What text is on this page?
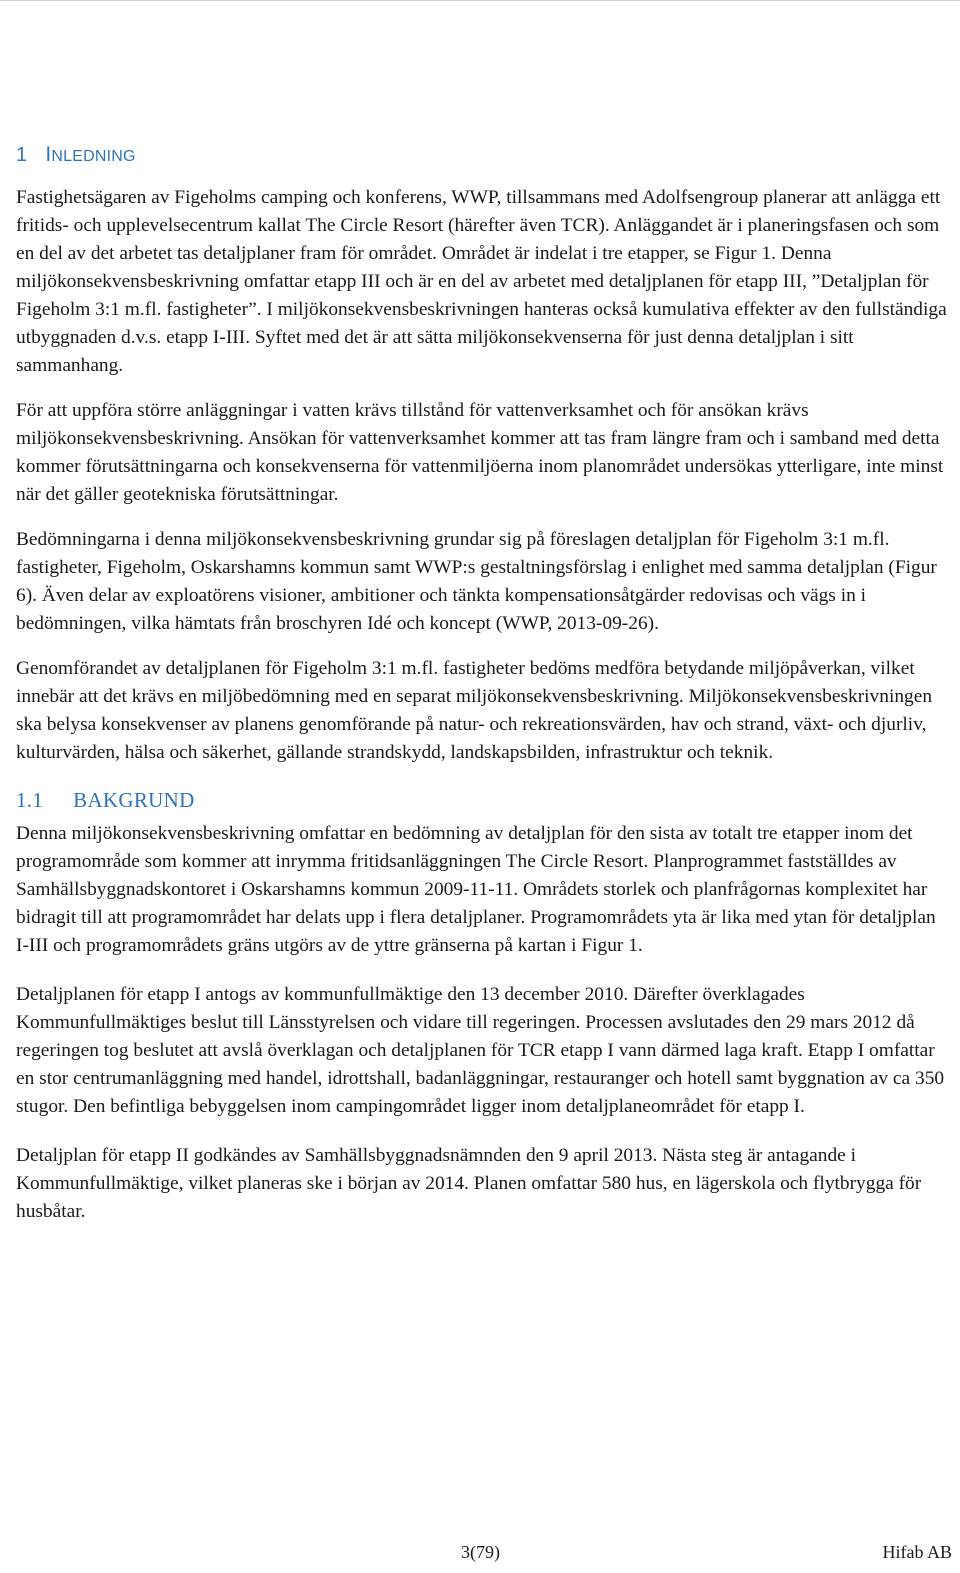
1 INLEDNING

Fastighetsägaren av Figeholms camping och konferens, WWP, tillsammans med Adolfsengroup planerar att anlägga ett fritids- och upplevelsecentrum kallat The Circle Resort (härefter även TCR). Anläggandet är i planeringsfasen och som en del av det arbetet tas detaljplaner fram för området. Området är indelat i tre etapper, se Figur 1. Denna miljökonsekvensbeskrivning omfattar etapp III och är en del av arbetet med detaljplanen för etapp III, ”Detaljplan för Figeholm 3:1 m.fl. fastigheter”. I miljökonsekvensbeskrivningen hanteras också kumulativa effekter av den fullständiga utbyggnaden d.v.s. etapp I-III. Syftet med det är att sätta miljökonsekvenserna för just denna detaljplan i sitt sammanhang.

För att uppföra större anläggningar i vatten krävs tillstånd för vattenverksamhet och för ansökan krävs miljökonsekvensbeskrivning. Ansökan för vattenverksamhet kommer att tas fram längre fram och i samband med detta kommer förutsättningarna och konsekvenserna för vattenmiljöerna inom planområdet undersökas ytterligare, inte minst när det gäller geotekniska förutsättningar.

Bedömningarna i denna miljökonsekvensbeskrivning grundar sig på föreslagen detaljplan för Figeholm 3:1 m.fl. fastigheter, Figeholm, Oskarshamns kommun samt WWP:s gestaltningsförslag i enlighet med samma detaljplan (Figur 6). Även delar av exploatörens visioner, ambitioner och tänkta kompensationsåtgärder redovisas och vägs in i bedömningen, vilka hämtats från broschyren Idé och koncept (WWP, 2013-09-26).

Genomförandet av detaljplanen för Figeholm 3:1 m.fl. fastigheter bedöms medföra betydande miljöpåverkan, vilket innebär att det krävs en miljöbedömning med en separat miljökonsekvensbeskrivning. Miljökonsekvensbeskrivningen ska belysa konsekvenser av planens genomförande på natur- och rekreationsvärden, hav och strand, växt- och djurliv, kulturvärden, hälsa och säkerhet, gällande strandskydd, landskapsbilden, infrastruktur och teknik.

1.1 BAKGRUND

Denna miljökonsekvensbeskrivning omfattar en bedömning av detaljplan för den sista av totalt tre etapper inom det programområde som kommer att inrymma fritidsanläggningen The Circle Resort. Planprogrammet fastställdes av Samhällsbyggnadskontoret i Oskarshamns kommun 2009-11-11. Områdets storlek och planfrågornas komplexitet har bidragit till att programområdet har delats upp i flera detaljplaner. Programområdets yta är lika med ytan för detaljplan I-III och programområdets gräns utgörs av de yttre gränserna på kartan i Figur 1.

Detaljplanen för etapp I antogs av kommunfullmäktige den 13 december 2010. Därefter överklagades Kommunfullmäktiges beslut till Länsstyrelsen och vidare till regeringen. Processen avslutades den 29 mars 2012 då regeringen tog beslutet att avslå överklagan och detaljplanen för TCR etapp I vann därmed laga kraft. Etapp I omfattar en stor centrumanläggning med handel, idrottshall, badanläggningar, restauranger och hotell samt byggnation av ca 350 stugor. Den befintliga bebyggelsen inom campingområdet ligger inom detaljplaneområdet för etapp I.

Detaljplan för etapp II godkändes av Samhällsbyggnadsnämnden den 9 april 2013. Nästa steg är antagande i Kommunfullmäktige, vilket planeras ske i början av 2014. Planen omfattar 580 hus, en lägerskola och flytbrygga för husbåtar.

3(79)	Hifab AB
